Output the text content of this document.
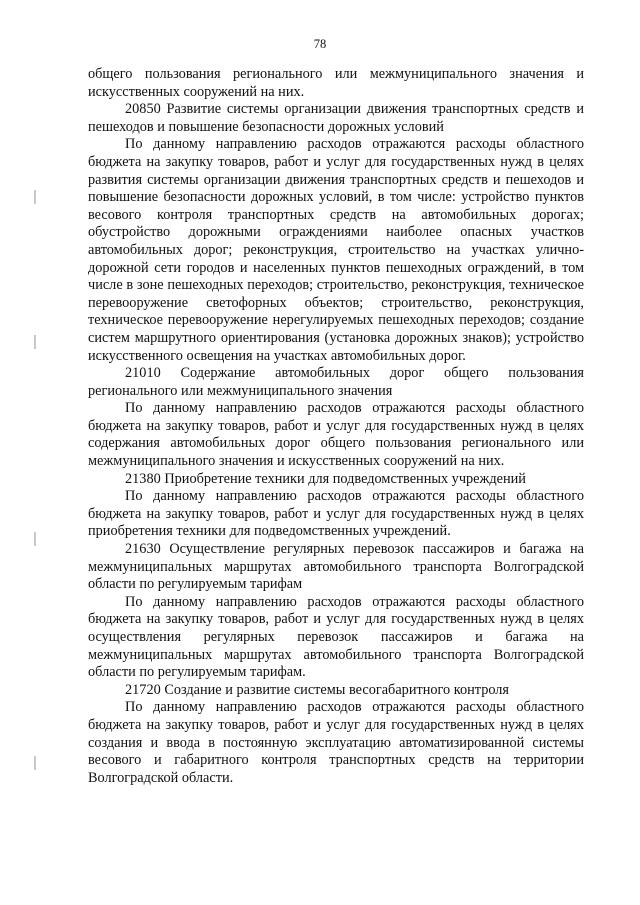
78

общего пользования регионального или межмуниципального значения и искусственных сооружений на них.

20850 Развитие системы организации движения транспортных средств и пешеходов и повышение безопасности дорожных условий

По данному направлению расходов отражаются расходы областного бюджета на закупку товаров, работ и услуг для государственных нужд в целях развития системы организации движения транспортных средств и пешеходов и повышение безопасности дорожных условий, в том числе: устройство пунктов весового контроля транспортных средств на автомобильных дорогах; обустройство дорожными ограждениями наиболее опасных участков автомобильных дорог; реконструкция, строительство на участках улично-дорожной сети городов и населенных пунктов пешеходных ограждений, в том числе в зоне пешеходных переходов; строительство, реконструкция, техническое перевооружение светофорных объектов; строительство, реконструкция, техническое перевооружение нерегулируемых пешеходных переходов; создание систем маршрутного ориентирования (установка дорожных знаков); устройство искусственного освещения на участках автомобильных дорог.

21010 Содержание автомобильных дорог общего пользования регионального или межмуниципального значения

По данному направлению расходов отражаются расходы областного бюджета на закупку товаров, работ и услуг для государственных нужд в целях содержания автомобильных дорог общего пользования регионального или межмуниципального значения и искусственных сооружений на них.

21380 Приобретение техники для подведомственных учреждений

По данному направлению расходов отражаются расходы областного бюджета на закупку товаров, работ и услуг для государственных нужд в целях приобретения техники для подведомственных учреждений.

21630 Осуществление регулярных перевозок пассажиров и багажа на межмуниципальных маршрутах автомобильного транспорта Волгоградской области по регулируемым тарифам

По данному направлению расходов отражаются расходы областного бюджета на закупку товаров, работ и услуг для государственных нужд в целях осуществления регулярных перевозок пассажиров и багажа на межмуниципальных маршрутах автомобильного транспорта Волгоградской области по регулируемым тарифам.

21720 Создание и развитие системы весогабаритного контроля

По данному направлению расходов отражаются расходы областного бюджета на закупку товаров, работ и услуг для государственных нужд в целях создания и ввода в постоянную эксплуатацию автоматизированной системы весового и габаритного контроля транспортных средств на территории Волгоградской области.
